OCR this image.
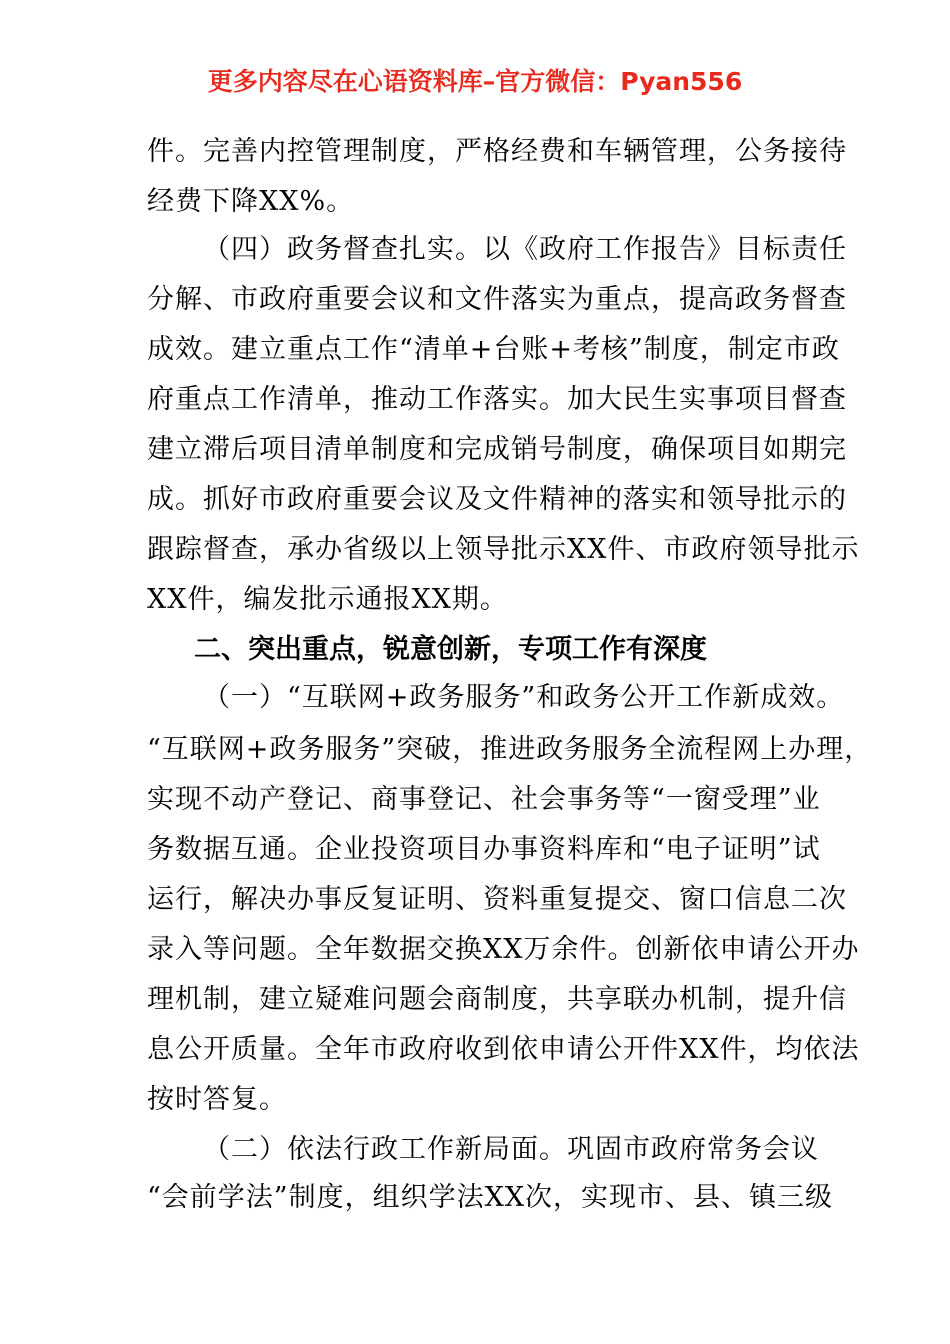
更多内容尽在心语资料库–官方微信：Pyan556
件。完善内控管理制度，严格经费和车辆管理，公务接待
经费下降XX%。
（四）政务督查扎实。以《政府工作报告》目标责任
分解、市政府重要会议和文件落实为重点，提高政务督查
成效。建立重点工作“清单+台账+考核”制度，制定市政
府重点工作清单，推动工作落实。加大民生实事项目督查
建立滞后项目清单制度和完成销号制度，确保项目如期完
成。抓好市政府重要会议及文件精神的落实和领导批示的
跟踪督查，承办省级以上领导批示XX件、市政府领导批示
XX件，编发批示通报XX期。
二、突出重点，锐意创新，专项工作有深度
（一）“互联网+政务服务”和政务公开工作新成效。
“互联网+政务服务”突破，推进政务服务全流程网上办理，
实现不动产登记、商事登记、社会事务等“一窗受理”业
务数据互通。企业投资项目办事资料库和“电子证明”试
运行，解决办事反复证明、资料重复提交、窗口信息二次
录入等问题。全年数据交换XX万余件。创新依申请公开办
理机制，建立疑难问题会商制度，共享联办机制，提升信
息公开质量。全年市政府收到依申请公开件XX件，均依法
按时答复。
（二）依法行政工作新局面。巩固市政府常务会议
“会前学法”制度，组织学法XX次，实现市、县、镇三级
